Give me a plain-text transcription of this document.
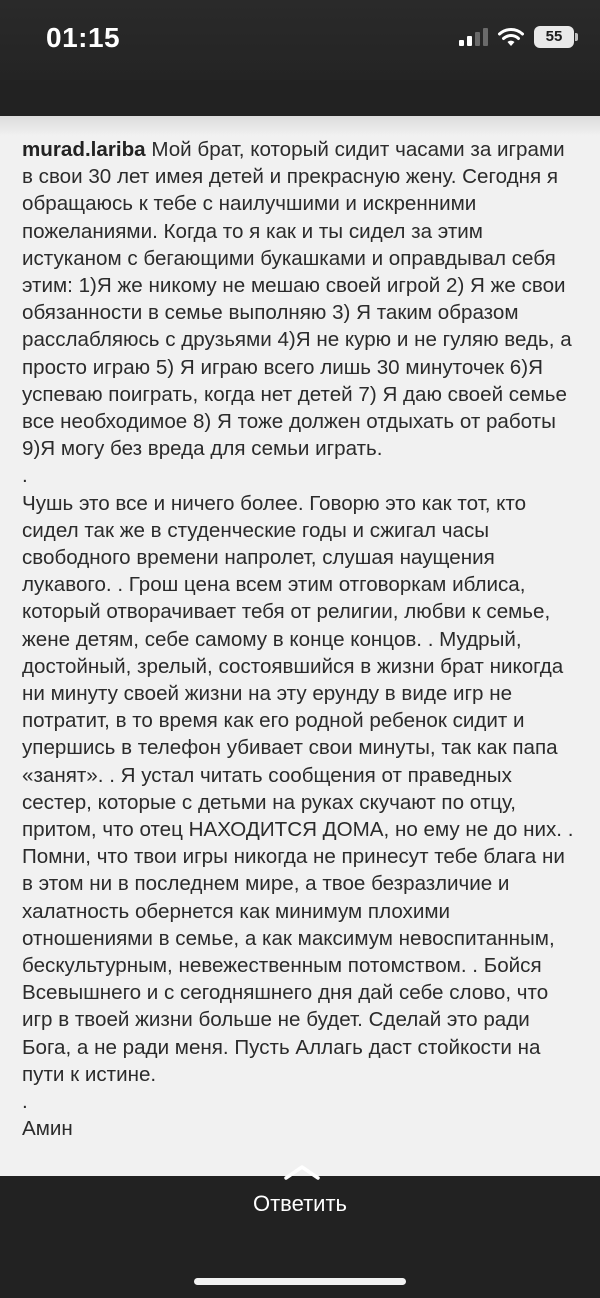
01:15	55

murad.lariba Мой брат, который сидит часами за играми

в свои 30 лет имея детей и прекрасную жену. Сегодня я

обращаюсь к тебе с наилучшими и искренними

пожеланиями. Когда то я как и ты сидел за этим

истуканом с бегающими букашками и оправдывал себя

этим: 1)Я же никому не мешаю своей игрой 2) Я же свои

обязанности в семье выполняю 3) Я таким образом

расслабляюсь с друзьями 4)Я не курю и не гуляю ведь, а

просто играю 5) Я играю всего лишь 30 минуточек 6)Я

успеваю поиграть, когда нет детей 7) Я даю своей семье

все необходимое 8) Я тоже должен отдыхать от работы

9)Я могу без вреда для семьи играть.

.

Чушь это все и ничего более. Говорю это как тот, кто

сидел так же в студенческие годы и сжигал часы

свободного времени напролет, слушая наущения

лукавого. . Грош цена всем этим отговоркам иблиса,

который отворачивает тебя от религии, любви к семье,

жене детям, себе самому в конце концов. . Мудрый,

достойный, зрелый, состоявшийся в жизни брат никогда

ни минуту своей жизни на эту ерунду в виде игр не

потратит, в то время как его родной ребенок сидит и

упершись в телефон убивает свои минуты, так как папа

«занят». . Я устал читать сообщения от праведных

сестер, которые с детьми на руках скучают по отцу,

притом, что отец НАХОДИТСЯ ДОМА, но ему не до них. .

Помни, что твои игры никогда не принесут тебе блага ни

в этом ни в последнем мире, а твое безразличие и

халатность обернется как минимум плохими

отношениями в семье, а как максимум невоспитанным,

бескультурным, невежественным потомством. . Бойся

Всевышнего и с сегодняшнего дня дай себе слово, что

игр в твоей жизни больше не будет. Сделай это ради

Бога, а не ради меня. Пусть Аллагь даст стойкости на

пути к истине.

.

Амин

Ответить
